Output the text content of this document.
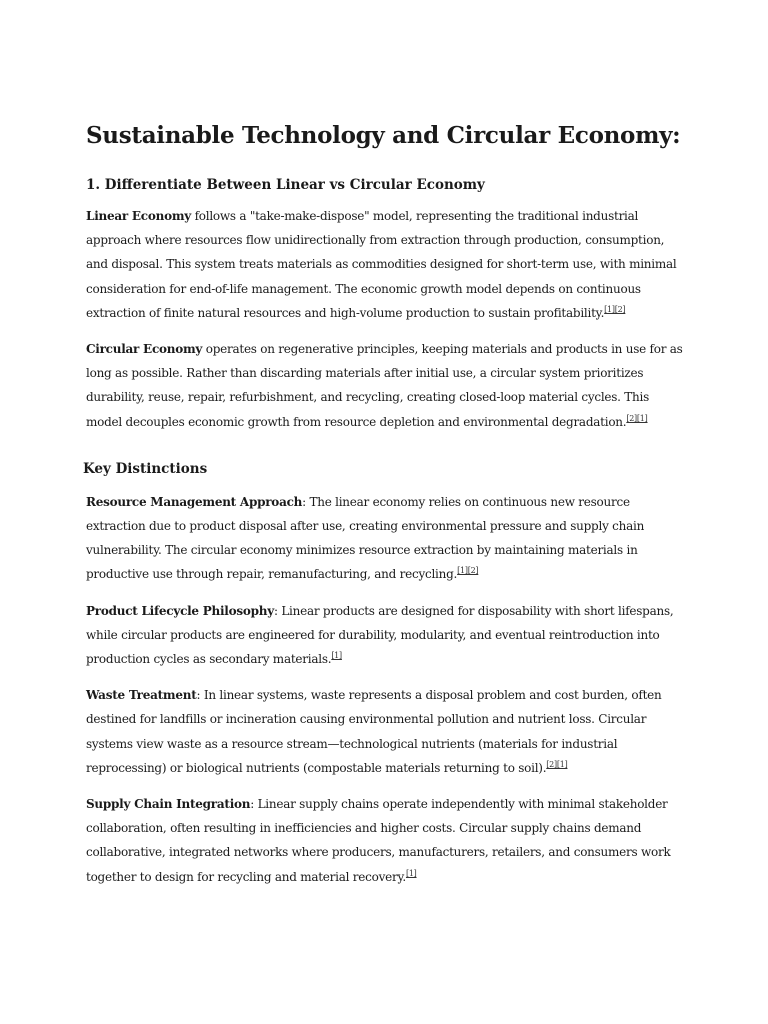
Sustainable Technology and Circular Economy:
1. Differentiate Between Linear vs Circular Economy

Linear Economy follows a "take-make-dispose" model, representing the traditional industrial approach where resources flow unidirectionally from extraction through production, consumption, and disposal. This system treats materials as commodities designed for short-term use, with minimal consideration for end-of-life management. The economic growth model depends on continuous extraction of finite natural resources and high-volume production to sustain profitability.[1][2]

Circular Economy operates on regenerative principles, keeping materials and products in use for as long as possible. Rather than discarding materials after initial use, a circular system prioritizes durability, reuse, repair, refurbishment, and recycling, creating closed-loop material cycles. This model decouples economic growth from resource depletion and environmental degradation.[2][1]

Key Distinctions

Resource Management Approach: The linear economy relies on continuous new resource extraction due to product disposal after use, creating environmental pressure and supply chain vulnerability. The circular economy minimizes resource extraction by maintaining materials in productive use through repair, remanufacturing, and recycling.[1][2]

Product Lifecycle Philosophy: Linear products are designed for disposability with short lifespans, while circular products are engineered for durability, modularity, and eventual reintroduction into production cycles as secondary materials.[1]

Waste Treatment: In linear systems, waste represents a disposal problem and cost burden, often destined for landfills or incineration causing environmental pollution and nutrient loss. Circular systems view waste as a resource stream—technological nutrients (materials for industrial reprocessing) or biological nutrients (compostable materials returning to soil).[2][1]

Supply Chain Integration: Linear supply chains operate independently with minimal stakeholder collaboration, often resulting in inefficiencies and higher costs. Circular supply chains demand collaborative, integrated networks where producers, manufacturers, retailers, and consumers work together to design for recycling and material recovery.[1]
